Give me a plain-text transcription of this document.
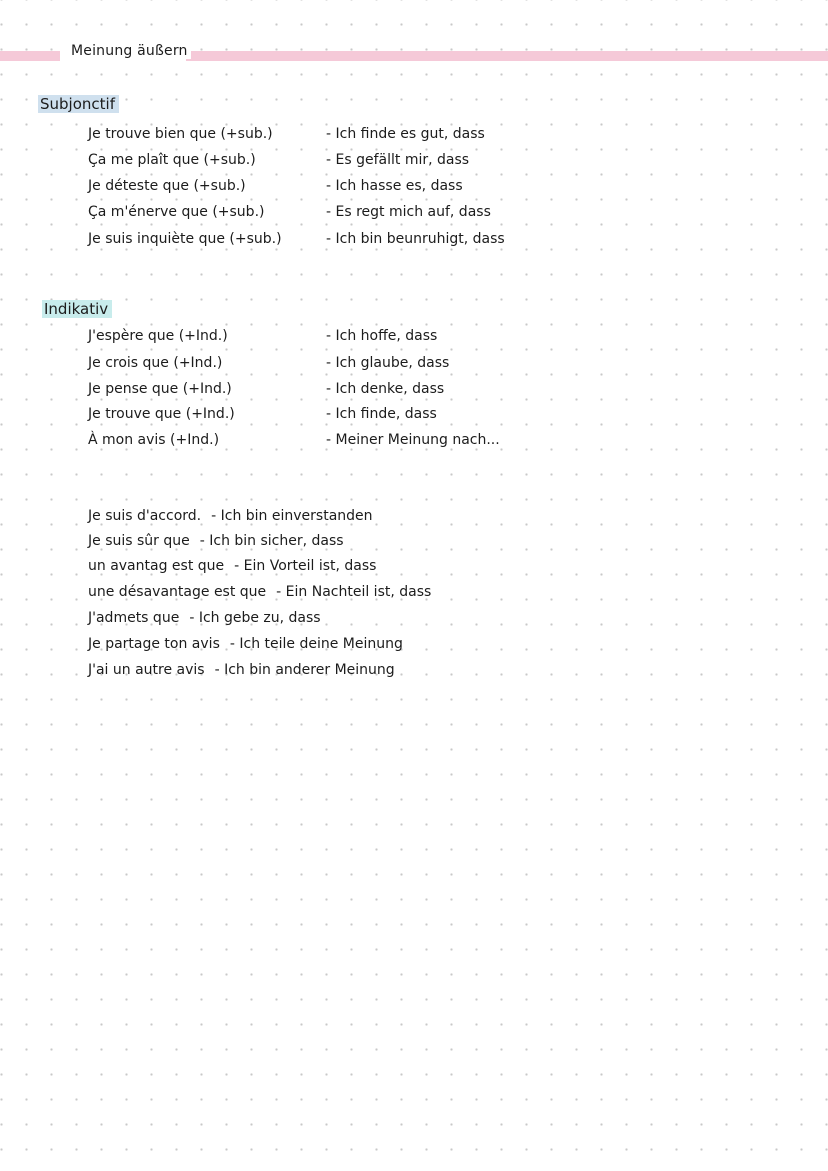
Meinung äußern
Subjonctif
Je trouve bien que (+sub.)	- Ich finde es gut, dass
Ça me plaît que (+sub.)	- Es gefällt mir, dass
Je déteste que (+sub.)	- Ich hasse es, dass
Ça m'énerve que (+sub.)	- Es regt mich auf, dass
Je suis inquiète que (+sub.)	- Ich bin beunruhigt, dass
Indikativ
J'espère que (+Ind.)	- Ich hoffe, dass
Je crois que (+Ind.)	- Ich glaube, dass
Je pense que (+Ind.)	- Ich denke, dass
Je trouve que (+Ind.)	- Ich finde, dass
À mon avis (+Ind.)	- Meiner Meinung nach...
Je suis d'accord. - Ich bin einverstanden
Je suis sûr que - Ich bin sicher, dass
un avantag est que - Ein Vorteil ist, dass
une désavantage est que - Ein Nachteil ist, dass
J'admets que - Ich gebe zu, dass
Je partage ton avis - Ich teile deine Meinung
J'ai un autre avis - Ich bin anderer Meinung
